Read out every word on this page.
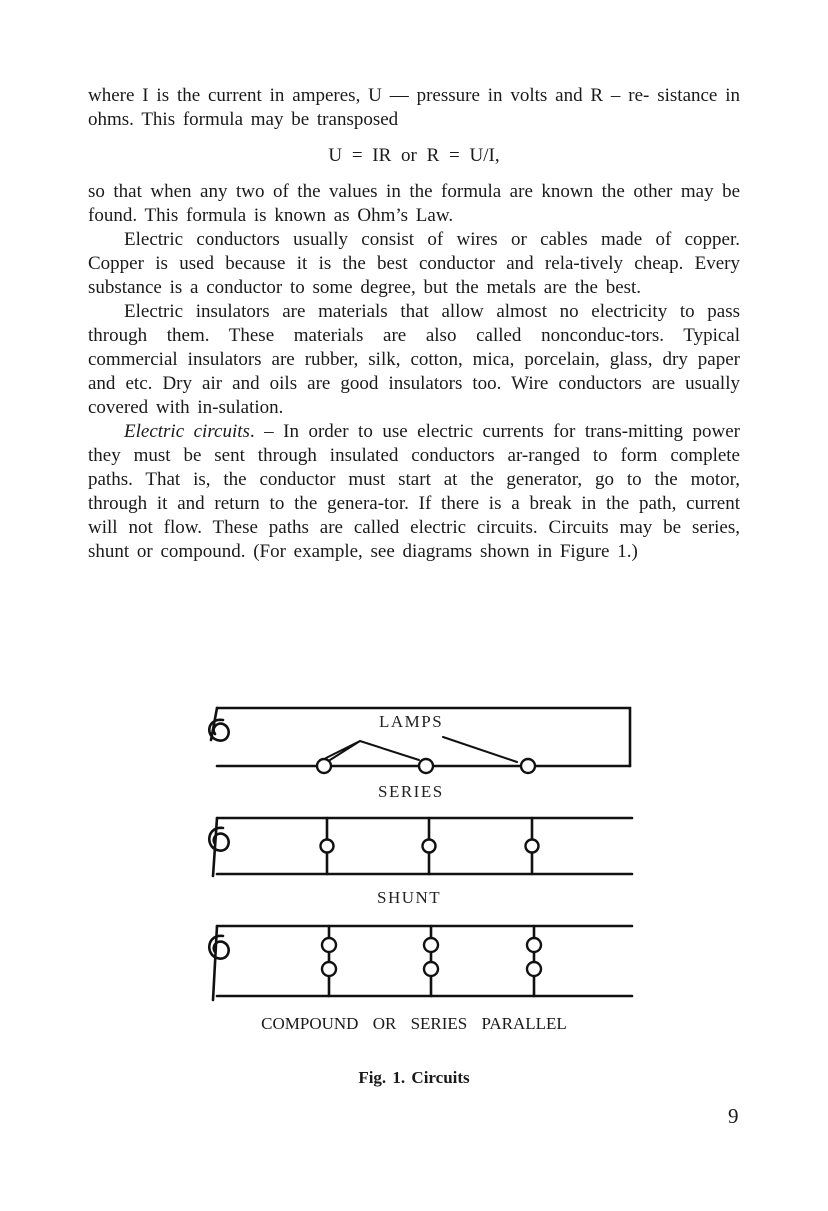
where I is the current in amperes, U — pressure in volts and R – re- sistance in ohms. This formula may be transposed

U = IR or R = U/I,

so that when any two of the values in the formula are known the other may be found. This formula is known as Ohm’s Law.

Electric conductors usually consist of wires or cables made of copper. Copper is used because it is the best conductor and rela-tively cheap. Every substance is a conductor to some degree, but the metals are the best.

Electric insulators are materials that allow almost no electricity to pass through them. These materials are also called nonconduc-tors. Typical commercial insulators are rubber, silk, cotton, mica, porcelain, glass, dry paper and etc. Dry air and oils are good insulators too. Wire conductors are usually covered with in-sulation.

Electric circuits. – In order to use electric currents for trans-mitting power they must be sent through insulated conductors ar-ranged to form complete paths. That is, the conductor must start at the generator, go to the motor, through it and return to the genera-tor. If there is a break in the path, current will not flow. These paths are called electric circuits. Circuits may be series, shunt or compound. (For example, see diagrams shown in Figure 1.)

LAMPS
SERIES
SHUNT
COMPOUND OR SERIES PARALLEL
Fig. 1. Circuits
9
